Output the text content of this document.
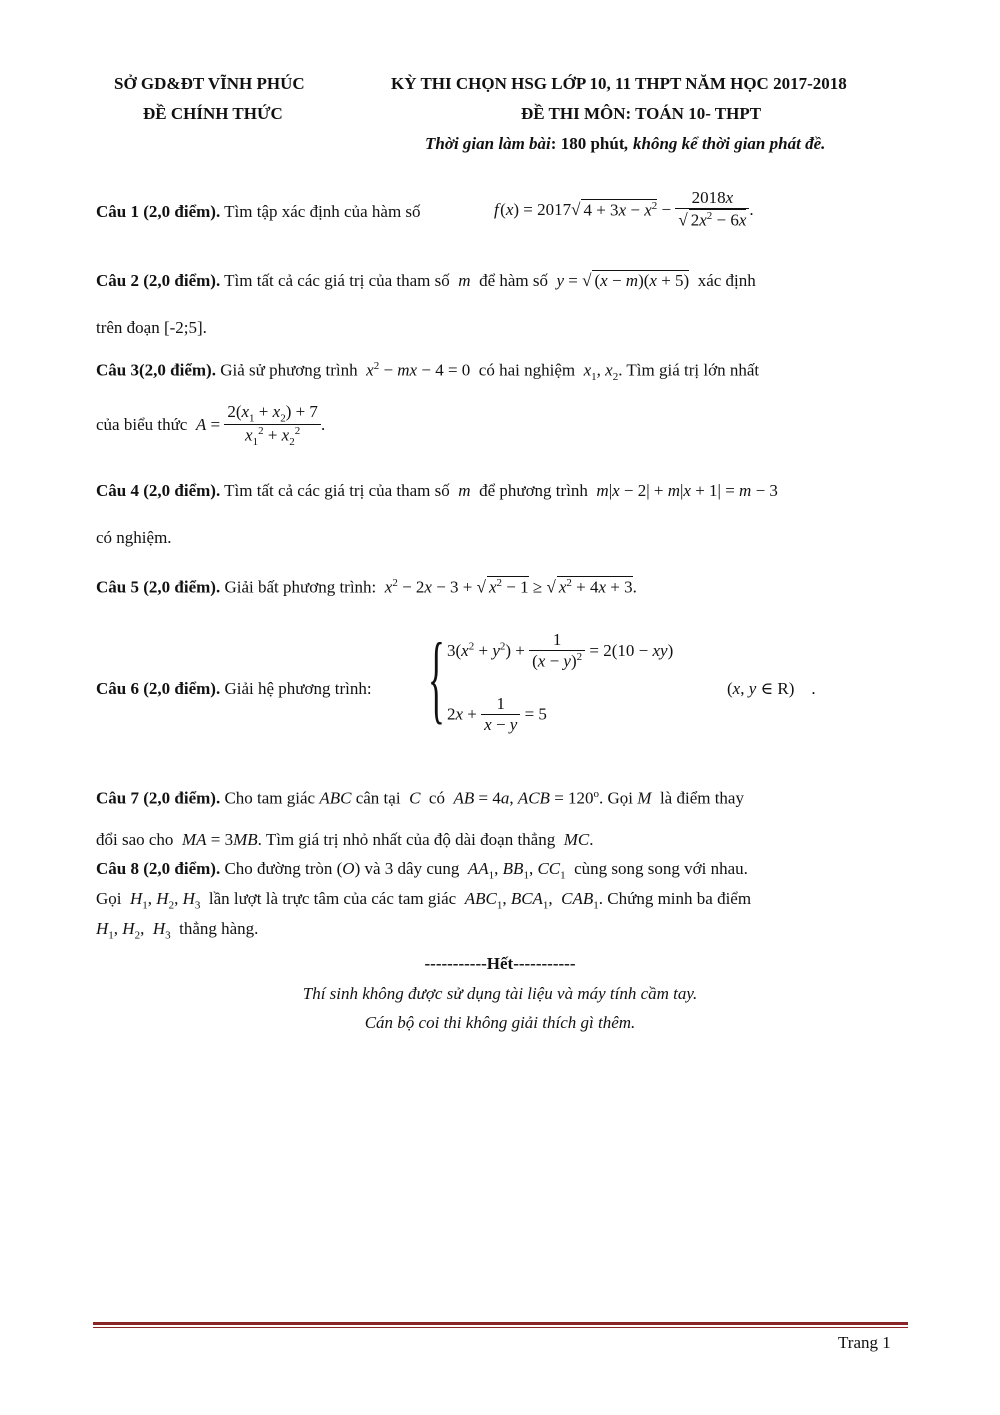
SỞ GD&ĐT VĨNH PHÚC
ĐỀ CHÍNH THỨC
KỲ THI CHỌN HSG LỚP 10, 11 THPT NĂM HỌC 2017-2018
ĐỀ THI MÔN: TOÁN 10- THPT
Thời gian làm bài: 180 phút, không kể thời gian phát đề.
Câu 1 (2,0 điểm). Tìm tập xác định của hàm số	f (x) = 2017√ $4 + 3x - x^2 - \frac{2018x}{√ 2x^2 - 6x}$ .
Câu 2 (2,0 điểm). Tìm tất cả các giá trị của tham số m để hàm số y = √ (x − m)(x + 5) xác định
trên đoạn [-2;5].
Câu 3(2,0 điểm). Giả sử phương trình $x^2$ − mx − 4 = 0  có hai nghiệm $x_1$, $x_2$. Tìm giá trị lớn nhất
của biểu thức $A = \frac{2(x_1 + x_2) + 7}{x_1^2 + x_2^2}$ .
Câu 4 (2,0 điểm). Tìm tất cả các giá trị của tham số m để phương trình m|x − 2| + m|x + 1| = m − 3
có nghiệm.
Câu 5 (2,0 điểm). Giải bất phương trình: $x^2 - 2x - 3$ + √ $x^2 - 1$ ≥ √ $x^2 + 4x + 3$.
Câu 6 (2,0 điểm). Giải hệ phương trình: { $3(x^2 + y^2) + \frac{1}{(x - y)^2} = 2(10 - xy)$
$2x + \frac{1}{x - y} = 5$
(x, y ∈ R)    .
Câu 7 (2,0 điểm). Cho tam giác ABC cân tại C có AB = 4a, ACB = $120^o$. Gọi M là điểm thay
đổi sao cho MA = 3MB. Tìm giá trị nhỏ nhất của độ dài đoạn thẳng MC.
Câu 8 (2,0 điểm). Cho đường tròn (O) và 3 dây cung $AA_1$, $BB_1$, $CC_1$ cùng song song với nhau.
Gọi $H_1$, $H_2$, $H_3$ lần lượt là trực tâm của các tam giác $ABC_1$, $BCA_1$,  $CAB_1$. Chứng minh ba điểm
$H_1$, $H_2$,  $H_3$ thẳng hàng.
-----------Hết-----------
Thí sinh không được sử dụng tài liệu và máy tính cầm tay.
Cán bộ coi thi không giải thích gì thêm.
Trang 1
